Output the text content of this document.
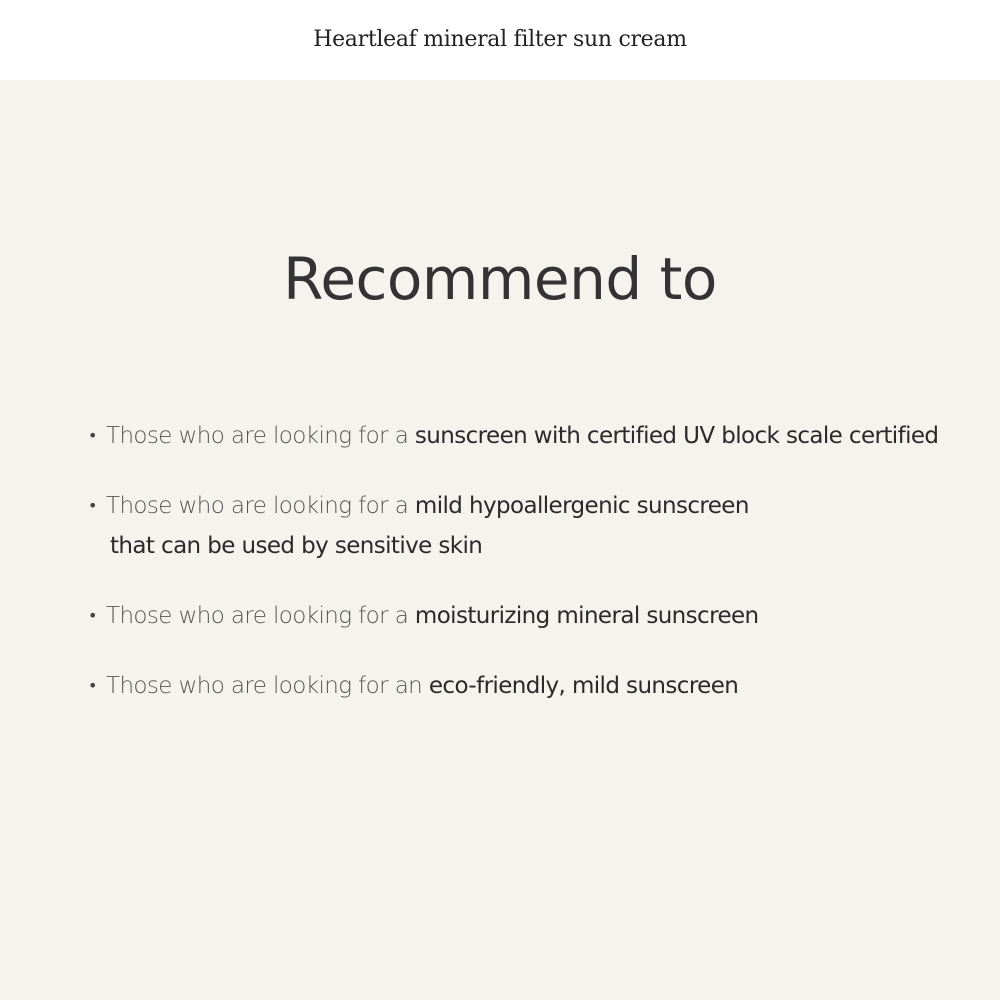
Heartleaf mineral filter sun cream
Recommend to
• Those who are looking for a sunscreen with certified UV block scale certified
• Those who are looking for a mild hypoallergenic sunscreen
that can be used by sensitive skin
• Those who are looking for a moisturizing mineral sunscreen
• Those who are looking for an eco-friendly, mild sunscreen
